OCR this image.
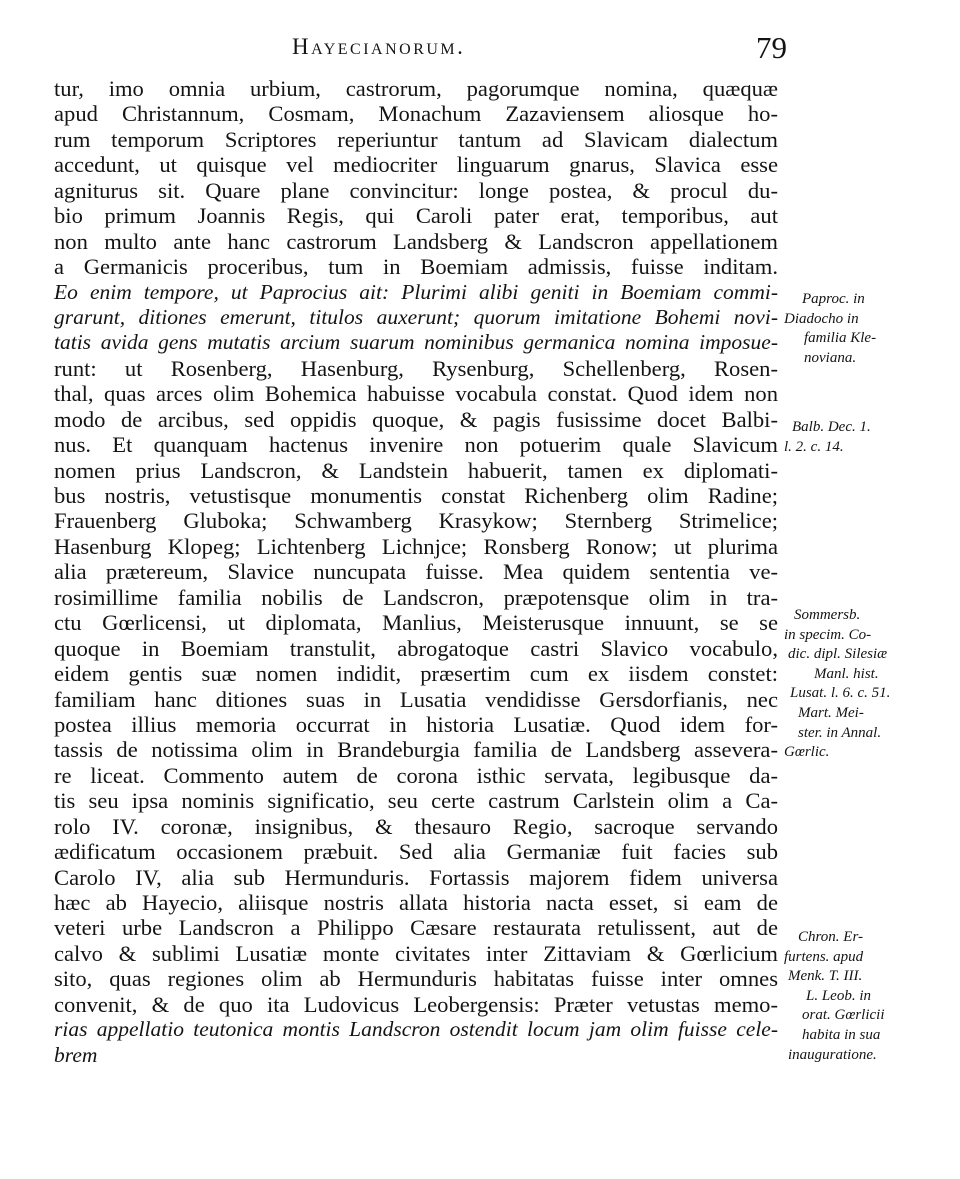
Hayecianorum.	79
tur, imo omnia urbium, castrorum, pagorumque nomina, quæquæ
apud Christannum, Cosmam, Monachum Zazaviensem aliosque ho-
rum temporum Scriptores reperiuntur tantum ad Slavicam dialectum
accedunt, ut quisque vel mediocriter linguarum gnarus, Slavica esse
agniturus sit. Quare plane convincitur: longe postea, & procul du-
bio primum Joannis Regis, qui Caroli pater erat, temporibus, aut
non multo ante hanc castrorum Landsberg & Landscron appellationem
a Germanicis proceribus, tum in Boemiam admissis, fuisse inditam.
Eo enim tempore, ut Paprocius ait: Plurimi alibi geniti in Boemiam commi-
grarunt, ditiones emerunt, titulos auxerunt; quorum imitatione Bohemi novi-
tatis avida gens mutatis arcium suarum nominibus germanica nomina imposue-
runt: ut Rosenberg, Hasenburg, Rysenburg, Schellenberg, Rosen-
thal, quas arces olim Bohemica habuisse vocabula constat. Quod idem non
modo de arcibus, sed oppidis quoque, & pagis fusissime docet Balbi-
nus. Et quanquam hactenus invenire non potuerim quale Slavicum
nomen prius Landscron, & Landstein habuerit, tamen ex diplomati-
bus nostris, vetustisque monumentis constat Richenberg olim Radine;
Frauenberg Gluboka; Schwamberg Krasykow; Sternberg Strimelice;
Hasenburg Klopeg; Lichtenberg Lichnjce; Ronsberg Ronow; ut plurima
alia prætereum, Slavice nuncupata fuisse. Mea quidem sententia ve-
rosimillime familia nobilis de Landscron, præpotensque olim in tra-
ctu Gœrlicensi, ut diplomata, Manlius, Meisterusque innuunt, se se
quoque in Boemiam transtulit, abrogatoque castri Slavico vocabulo,
eidem gentis suæ nomen indidit, præsertim cum ex iisdem constet:
familiam hanc ditiones suas in Lusatia vendidisse Gersdorfianis, nec
postea illius memoria occurrat in historia Lusatiæ. Quod idem for-
tassis de notissima olim in Brandeburgia familia de Landsberg assevera-
re liceat. Commento autem de corona isthic servata, legibusque da-
tis seu ipsa nominis significatio, seu certe castrum Carlstein olim a Ca-
rolo IV. coronæ, insignibus, & thesauro Regio, sacroque servando
ædificatum occasionem præbuit. Sed alia Germaniæ fuit facies sub
Carolo IV, alia sub Hermunduris. Fortassis majorem fidem universa
hæc ab Hayecio, aliisque nostris allata historia nacta esset, si eam de
veteri urbe Landscron a Philippo Cæsare restaurata retulissent, aut de
calvo & sublimi Lusatiæ monte civitates inter Zittaviam & Gœrlicium
sito, quas regiones olim ab Hermunduris habitatas fuisse inter omnes
convenit, & de quo ita Ludovicus Leobergensis: Præter vetustas memo-
rias appellatio teutonica montis Landscron ostendit locum jam olim fuisse cele-
brem
Paproc. in
Diadocho in
familia Kle-
noviana.
Balb. Dec. 1.
l. 2. c. 14.
Sommersb.
in specim. Co-
dic. dipl. Silesiæ
Manl. hist.
Lusat. l. 6. c. 51.
Mart. Mei-
ster. in Annal.
Gœrlic.
Chron. Er-
furtens. apud
Menk. T. III.
L. Leob. in
orat. Gœrlicii
habita in sua
inauguratione.
